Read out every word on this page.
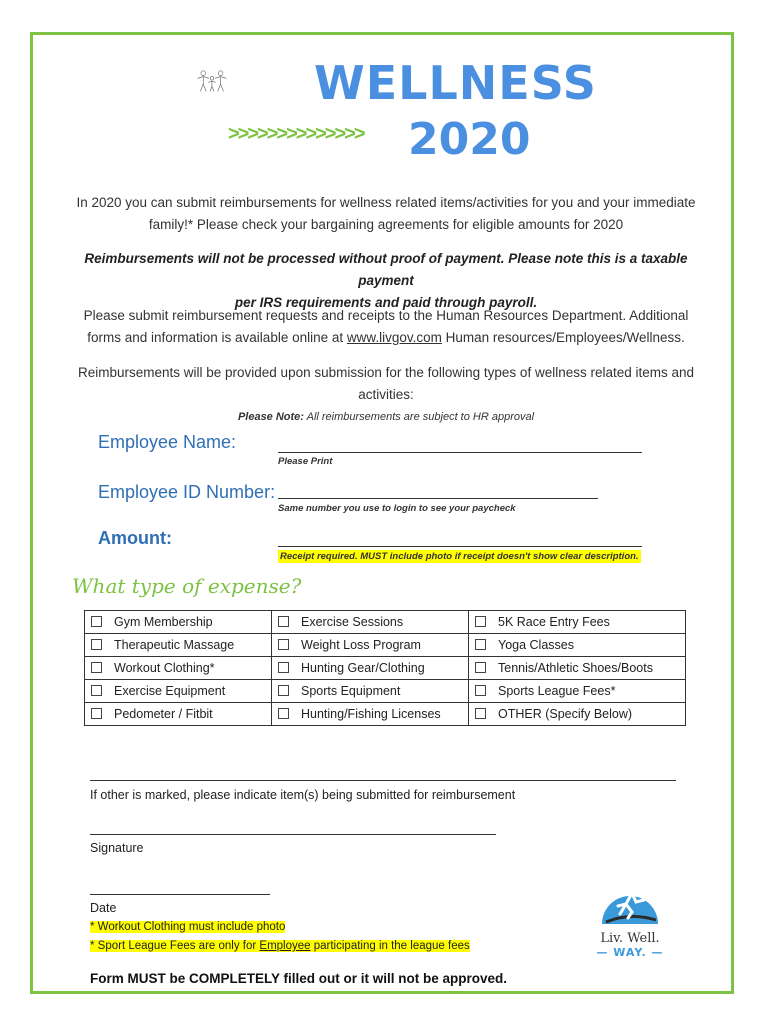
WELLNESS
>>>>>>>>>>>>>> 2020
In 2020 you can submit reimbursements for wellness related items/activities for you and your immediate
family!* Please check your bargaining agreements for eligible amounts for 2020
Reimbursements will not be processed without proof of payment. Please note this is a taxable payment
per IRS requirements and paid through payroll.
Please submit reimbursement requests and receipts to the Human Resources Department. Additional
forms and information is available online at www.livgov.com Human resources/Employees/Wellness.
Reimbursements will be provided upon submission for the following types of wellness related items and
activities:
Please Note: All reimbursements are subject to HR approval
Employee Name:
Please Print
Employee ID Number:
Same number you use to login to see your paycheck
Amount:
Receipt required. MUST include photo if receipt doesn't show clear description.
What type of expense?
Gym Membership	Exercise Sessions	5K Race Entry Fees
Therapeutic Massage	Weight Loss Program	Yoga Classes
Workout Clothing*	Hunting Gear/Clothing	Tennis/Athletic Shoes/Boots
Exercise Equipment	Sports Equipment	Sports League Fees*
Pedometer / Fitbit	Hunting/Fishing Licenses	OTHER (Specify Below)
If other is marked, please indicate item(s) being submitted for reimbursement
Signature
Date
* Workout Clothing must include photo
* Sport League Fees are only for Employee participating in the league fees
Form MUST be COMPLETELY filled out or it will not be approved.
Liv. Well.
— WAY. —
